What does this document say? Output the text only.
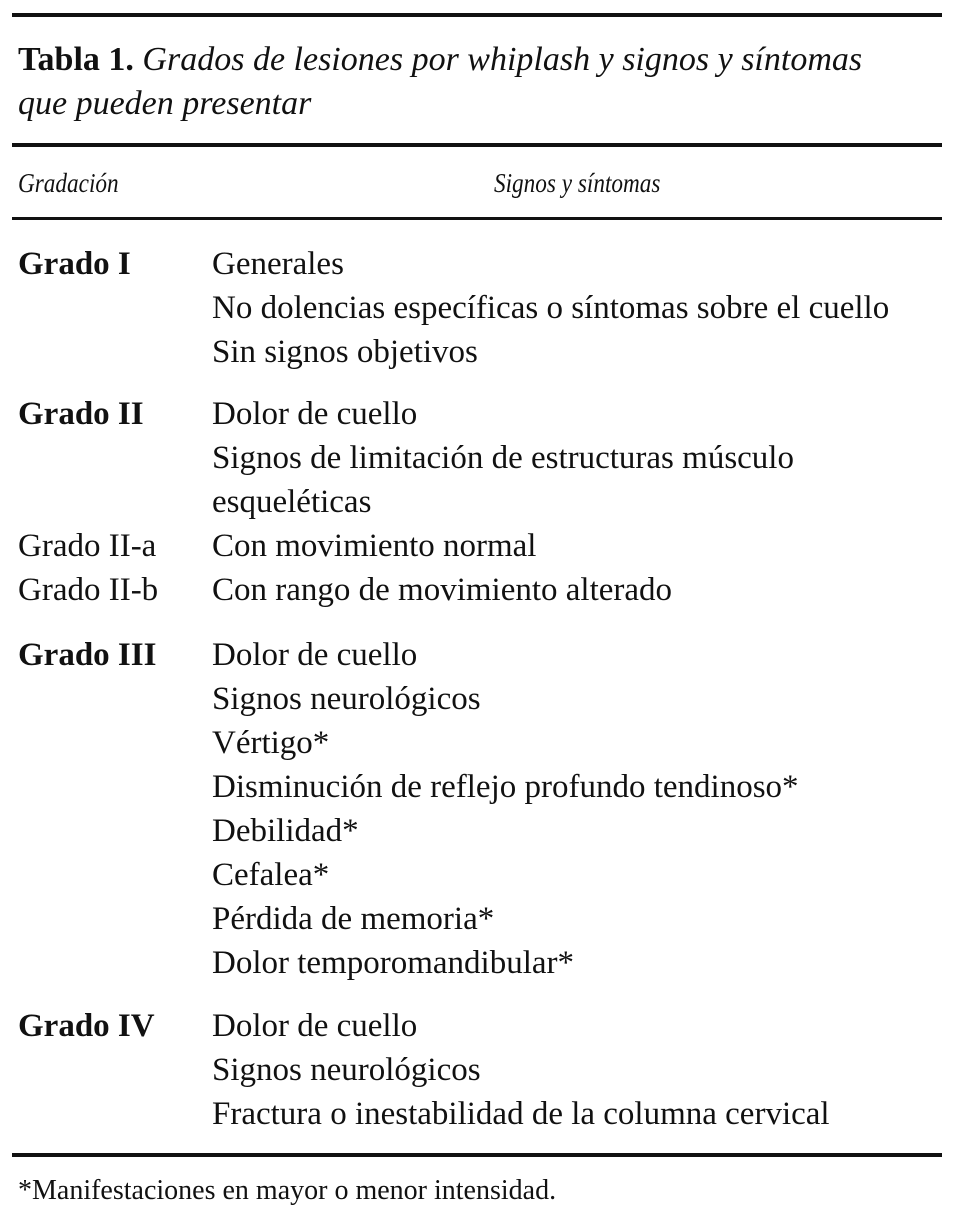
Tabla 1. Grados de lesiones por whiplash y signos y síntomas
que pueden presentar
Gradación	Signos y síntomas
Grado I Generales
No dolencias específicas o síntomas sobre el cuello
Sin signos objetivos
Grado II Dolor de cuello
Signos de limitación de estructuras músculo
esqueléticas
Grado II-a Con movimiento normal
Grado II-b Con rango de movimiento alterado
Grado III Dolor de cuello
Signos neurológicos
Vértigo*
Disminución de reflejo profundo tendinoso*
Debilidad*
Cefalea*
Pérdida de memoria*
Dolor temporomandibular*
Grado IV Dolor de cuello
Signos neurológicos
Fractura o inestabilidad de la columna cervical
*Manifestaciones en mayor o menor intensidad.
